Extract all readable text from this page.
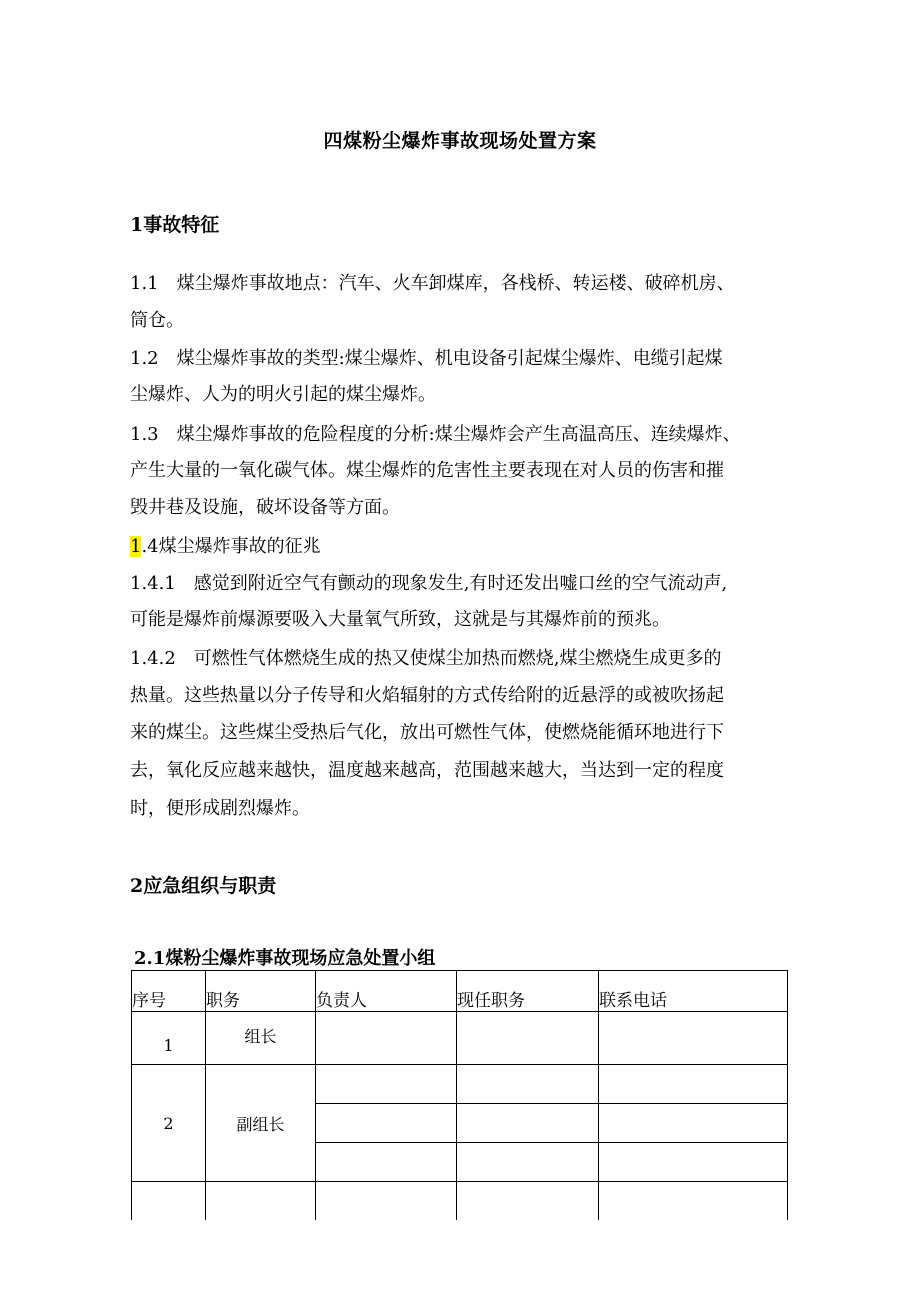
四煤粉尘爆炸事故现场处置方案
1事故特征
1.1　煤尘爆炸事故地点：汽车、火车卸煤库，各栈桥、转运楼、破碎机房、
筒仓。
1.2　煤尘爆炸事故的类型:煤尘爆炸、机电设备引起煤尘爆炸、电缆引起煤
尘爆炸、人为的明火引起的煤尘爆炸。
1.3　煤尘爆炸事故的危险程度的分析:煤尘爆炸会产生高温高压、连续爆炸、
产生大量的一氧化碳气体。煤尘爆炸的危害性主要表现在对人员的伤害和摧
毁井巷及设施，破坏设备等方面。
1.4煤尘爆炸事故的征兆
1.4.1　感觉到附近空气有颤动的现象发生,有时还发出嘘口丝的空气流动声,
可能是爆炸前爆源要吸入大量氧气所致，这就是与其爆炸前的预兆。
1.4.2　可燃性气体燃烧生成的热又使煤尘加热而燃烧,煤尘燃烧生成更多的
热量。这些热量以分子传导和火焰辐射的方式传给附的近悬浮的或被吹扬起
来的煤尘。这些煤尘受热后气化，放出可燃性气体，使燃烧能循环地进行下
去，氧化反应越来越快，温度越来越高，范围越来越大，当达到一定的程度
时，便形成剧烈爆炸。
2应急组织与职责
2.1煤粉尘爆炸事故现场应急处置小组
序号	职务	负责人	现任职务	联系电话
1	组长			
2	副组长			
